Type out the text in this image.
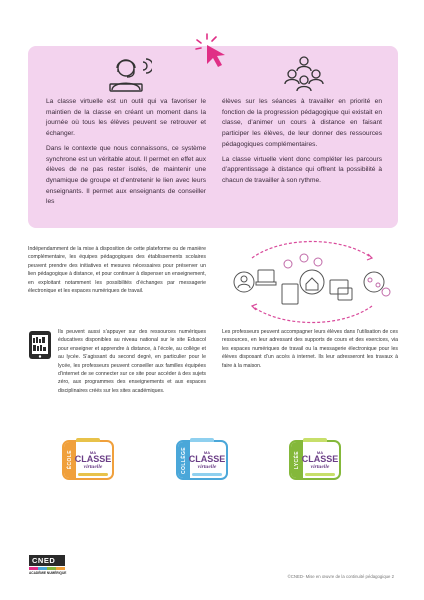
La classe virtuelle est un outil qui va favoriser le maintien de la classe en créant un moment dans la journée où tous les élèves peuvent se retrouver et échanger.

Dans le contexte que nous connaissons, ce système synchrone est un véritable atout. Il permet en effet aux élèves de ne pas rester isolés, de maintenir une dynamique de groupe et d’entretenir le lien avec leurs enseignants. Il permet aux enseignants de conseiller les

élèves sur les séances à travailler en priorité en fonction de la progression pédagogique qui existait en classe, d’animer un cours à distance en faisant participer les élèves, de leur donner des ressources pédagogiques complémentaires.

La classe virtuelle vient donc compléter les parcours d’apprentissage à distance qui offrent la possibilité à chacun de travailler à son rythme.

Indépendamment de la mise à disposition de cette plateforme ou de manière complémentaire, les équipes pédagogiques des établissements scolaires peuvent prendre des initiatives et mesures nécessaires pour préserver un lien pédagogique à distance, et pour continuer à dispenser un enseignement, en exploitant notamment les possibilités d’échanges par messagerie électronique et les espaces numériques de travail.

Ils peuvent aussi s’appuyer sur des ressources numériques éducatives disponibles au niveau national sur le site Eduscol pour enseigner et apprendre à distance, à l’école, au collège et au lycée. S’agissant du second degré, en particulier pour le lycée, les professeurs peuvent conseiller aux familles équipées d’internet de se connecter sur ce site pour accéder à des sujets zéro, aux programmes des enseignements et aux espaces disciplinaires créés sur les sites académiques.

Les professeurs peuvent accompagner leurs élèves dans l’utilisation de ces ressources, en leur adressant des supports de cours et des exercices, via les espaces numériques de travail ou la messagerie électronique pour les élèves disposant d’un accès à internet. Ils leur adresseront les travaux à faire à la maison.

ÉCOLE	MA
CLASSE
virtuelle	COLLÈGE	MA
CLASSE
virtuelle	LYCÉE	MA
CLASSE
virtuelle
CNED
ACADÉMIE NUMÉRIQUE
©CNED- Mise en œuvre de la continuité pédagogique 2
